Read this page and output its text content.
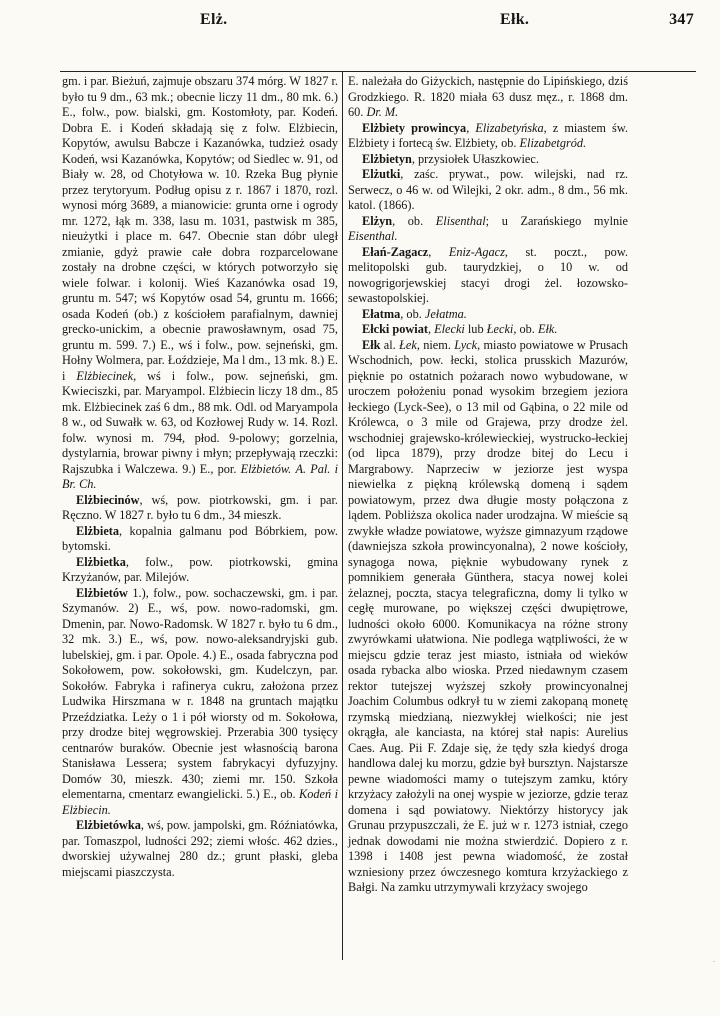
Elż.	Ełk.	347

gm. i par. Bieżuń, zajmuje obszaru 374 mórg. W 1827 r. było tu 9 dm., 63 mk.; obecnie liczy 11 dm., 80 mk. 6.) E., folw., pow. bialski, gm. Kostomłoty, par. Kodeń. Dobra E. i Kodeń składają się z folw. Elżbiecin, Kopytów, awulsu Babcze i Kazanówka, tudzież osady Kodeń, wsi Kazanówka, Kopytów; od Siedlec w. 91, od Biały w. 28, od Chotyłowa w. 10. Rzeka Bug płynie przez terytoryum. Podług opisu z r. 1867 i 1870, rozl. wynosi mórg 3689, a mianowicie: grunta orne i ogrody mr. 1272, łąk m. 338, lasu m. 1031, pastwisk m 385, nieużytki i place m. 647. Obecnie stan dóbr uległ zmianie, gdyż prawie całe dobra rozparcelowane zostały na drobne części, w których potworzyło się wiele folwar. i kolonij. Wieś Kazanówka osad 19, gruntu m. 547; wś Kopytów osad 54, gruntu m. 1666; osada Kodeń (ob.) z kościołem parafialnym, dawniej grecko-unickim, a obecnie prawosławnym, osad 75, gruntu m. 599. 7.) E., wś i folw., pow. sejneński, gm. Hołny Wolmera, par. Łoździeje, Ma l dm., 13 mk. 8.) E. i Elżbiecinek, wś i folw., pow. sejneński, gm. Kwieciszki, par. Maryampol. Elżbiecin liczy 18 dm., 85 mk. Elżbiecinek zaś 6 dm., 88 mk. Odl. od Maryampola 8 w., od Suwałk w. 63, od Kozłowej Rudy w. 14. Rozl. folw. wynosi m. 794, płod. 9-polowy; gorzelnia, dystylarnia, browar piwny i młyn; przepływają rzeczki: Rajszubka i Walczewa. 9.) E., por. Elżbietów. A. Pal. i Br. Ch.

Elżbiecinów, wś, pow. piotrkowski, gm. i par. Ręczno. W 1827 r. było tu 6 dm., 34 mieszk.

Elżbieta, kopalnia galmanu pod Bóbrkiem, pow. bytomski.

Elżbietka, folw., pow. piotrkowski, gmina Krzyżanów, par. Milejów.

Elżbietów 1.), folw., pow. sochaczewski, gm. i par. Szymanów. 2) E., wś, pow. nowo-radomski, gm. Dmenin, par. Nowo-Radomsk. W 1827 r. było tu 6 dm., 32 mk. 3.) E., wś, pow. nowo-aleksandryjski gub. lubelskiej, gm. i par. Opole. 4.) E., osada fabryczna pod Sokołowem, pow. sokołowski, gm. Kudelczyn, par. Sokołów. Fabryka i rafinerya cukru, założona przez Ludwika Hirszmana w r. 1848 na gruntach majątku Przeździatka. Leży o 1 i pół wiorsty od m. Sokołowa, przy drodze bitej węgrowskiej. Przerabia 300 tysięcy centnarów buraków. Obecnie jest własnością barona Stanisława Lessera; system fabrykacyi dyfuzyjny. Domów 30, mieszk. 430; ziemi mr. 150. Szkoła elementarna, cmentarz ewangielicki. 5.) E., ob. Kodeń i Elżbiecin.

Elżbietówka, wś, pow. jampolski, gm. Róźniatówka, par. Tomaszpol, ludności 292; ziemi włośc. 462 dzies., dworskiej używalnej 280 dz.; grunt płaski, gleba miejscami piaszczysta.

E. należała do Giżyckich, następnie do Lipińskiego, dziś Grodzkiego. R. 1820 miała 63 dusz męz., r. 1868 dm. 60. Dr. M.

Elżbiety prowincya, Elizabetyńska, z miastem św. Elżbiety i fortecą św. Elżbiety, ob. Elizabetgród.

Elżbietyn, przysiołek Ułaszkowiec.

Elżutki, zaśc. prywat., pow. wilejski, nad rz. Serwecz, o 46 w. od Wilejki, 2 okr. adm., 8 dm., 56 mk. katol. (1866).

Elżyn, ob. Elisenthal; u Zarańskiego mylnie Eisenthal.

Ełań-Zagacz, Eniz-Agacz, st. poczt., pow. melitopolski gub. taurydzkiej, o 10 w. od nowogrigorjewskiej stacyi drogi żel. łozowsko-sewastopolskiej.

Ełatma, ob. Jełatma.

Ełcki powiat, Elecki lub Łecki, ob. Ełk.

Ełk al. Łek, niem. Lyck, miasto powiatowe w Prusach Wschodnich, pow. łecki, stolica prusskich Mazurów, pięknie po ostatnich pożarach nowo wybudowane, w uroczem położeniu ponad wysokim brzegiem jeziora łeckiego (Lyck-See), o 13 mil od Gąbina, o 22 mile od Królewca, o 3 mile od Grajewa, przy drodze żel. wschodniej grajewsko-królewieckiej, wystrucko-łeckiej (od lipca 1879), przy drodze bitej do Lecu i Margrabowy. Naprzeciw w jeziorze jest wyspa niewielka z piękną królewską domeną i sądem powiatowym, przez dwa długie mosty połączona z lądem. Pobliższa okolica nader urodzajna. W mieście są zwykłe władze powiatowe, wyższe gimnazyum rządowe (dawniejsza szkoła prowincyonalna), 2 nowe kościoły, synagoga nowa, pięknie wybudowany rynek z pomnikiem generała Günthera, stacya nowej kolei żelaznej, poczta, stacya telegraficzna, domy li tylko w cegłę murowane, po większej części dwupiętrowe, ludności około 6000. Komunikacya na różne strony zwyrówkami ułatwiona. Nie podlega wątpliwości, że w miejscu gdzie teraz jest miasto, istniała od wieków osada rybacka albo wioska. Przed niedawnym czasem rektor tutejszej wyższej szkoły prowincyonalnej Joachim Columbus odkrył tu w ziemi zakopaną monetę rzymską miedzianą, niezwykłej wielkości; nie jest okrągła, ale kanciasta, na której stał napis: Aurelius Caes. Aug. Pii F. Zdaje się, że tędy szła kiedyś droga handlowa dalej ku morzu, gdzie był bursztyn. Najstarsze pewne wiadomości mamy o tutejszym zamku, który krzyżacy założyli na onej wyspie w jeziorze, gdzie teraz domena i sąd powiatowy. Niektórzy historycy jak Grunau przypuszczali, że E. już w r. 1273 istniał, czego jednak dowodami nie można stwierdzić. Dopiero z r. 1398 i 1408 jest pewna wiadomość, że został wzniesiony przez ówczesnego komtura krzyżackiego z Bałgi. Na zamku utrzymywali krzyżacy swojego

·
